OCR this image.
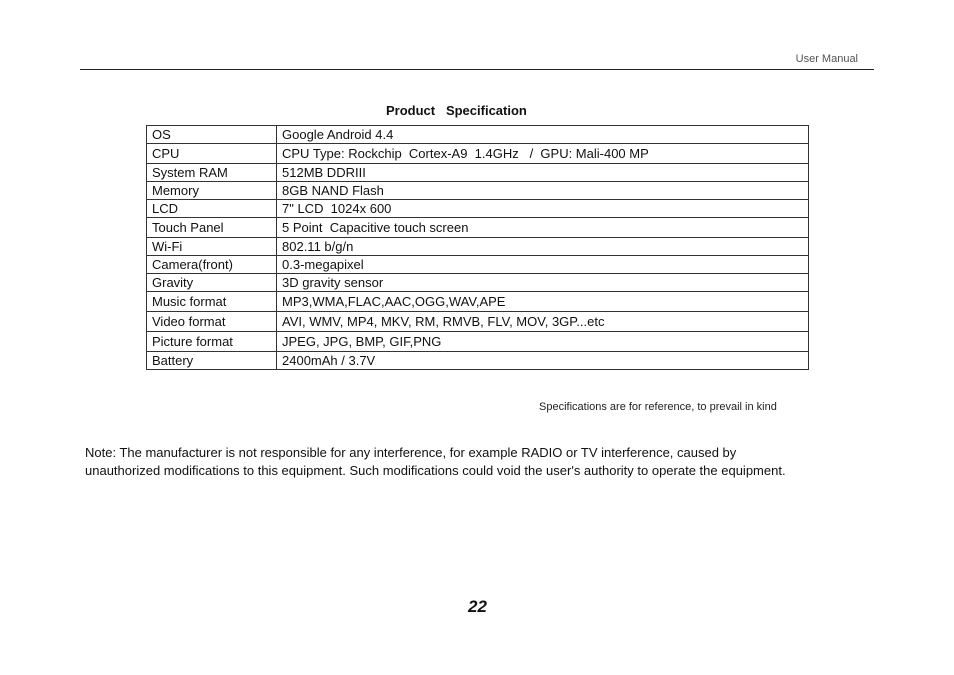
User Manual
Product   Specification
OS	Google Android 4.4
CPU	CPU Type: Rockchip  Cortex-A9  1.4GHz   /  GPU: Mali-400 MP
System RAM	512MB DDRIII
Memory	8GB NAND Flash
LCD	7" LCD  1024x 600
Touch Panel	5 Point  Capacitive touch screen
Wi-Fi	802.11 b/g/n
Camera(front)	0.3-megapixel
Gravity	3D gravity sensor
Music format	MP3,WMA,FLAC,AAC,OGG,WAV,APE
Video format	AVI, WMV, MP4, MKV, RM, RMVB, FLV, MOV, 3GP...etc
Picture format	JPEG, JPG, BMP, GIF,PNG
Battery	2400mAh / 3.7V
Specifications are for reference, to prevail in kind
Note: The manufacturer is not responsible for any interference, for example RADIO or TV interference, caused by
unauthorized modifications to this equipment. Such modifications could void the user's authority to operate the equipment.
22
